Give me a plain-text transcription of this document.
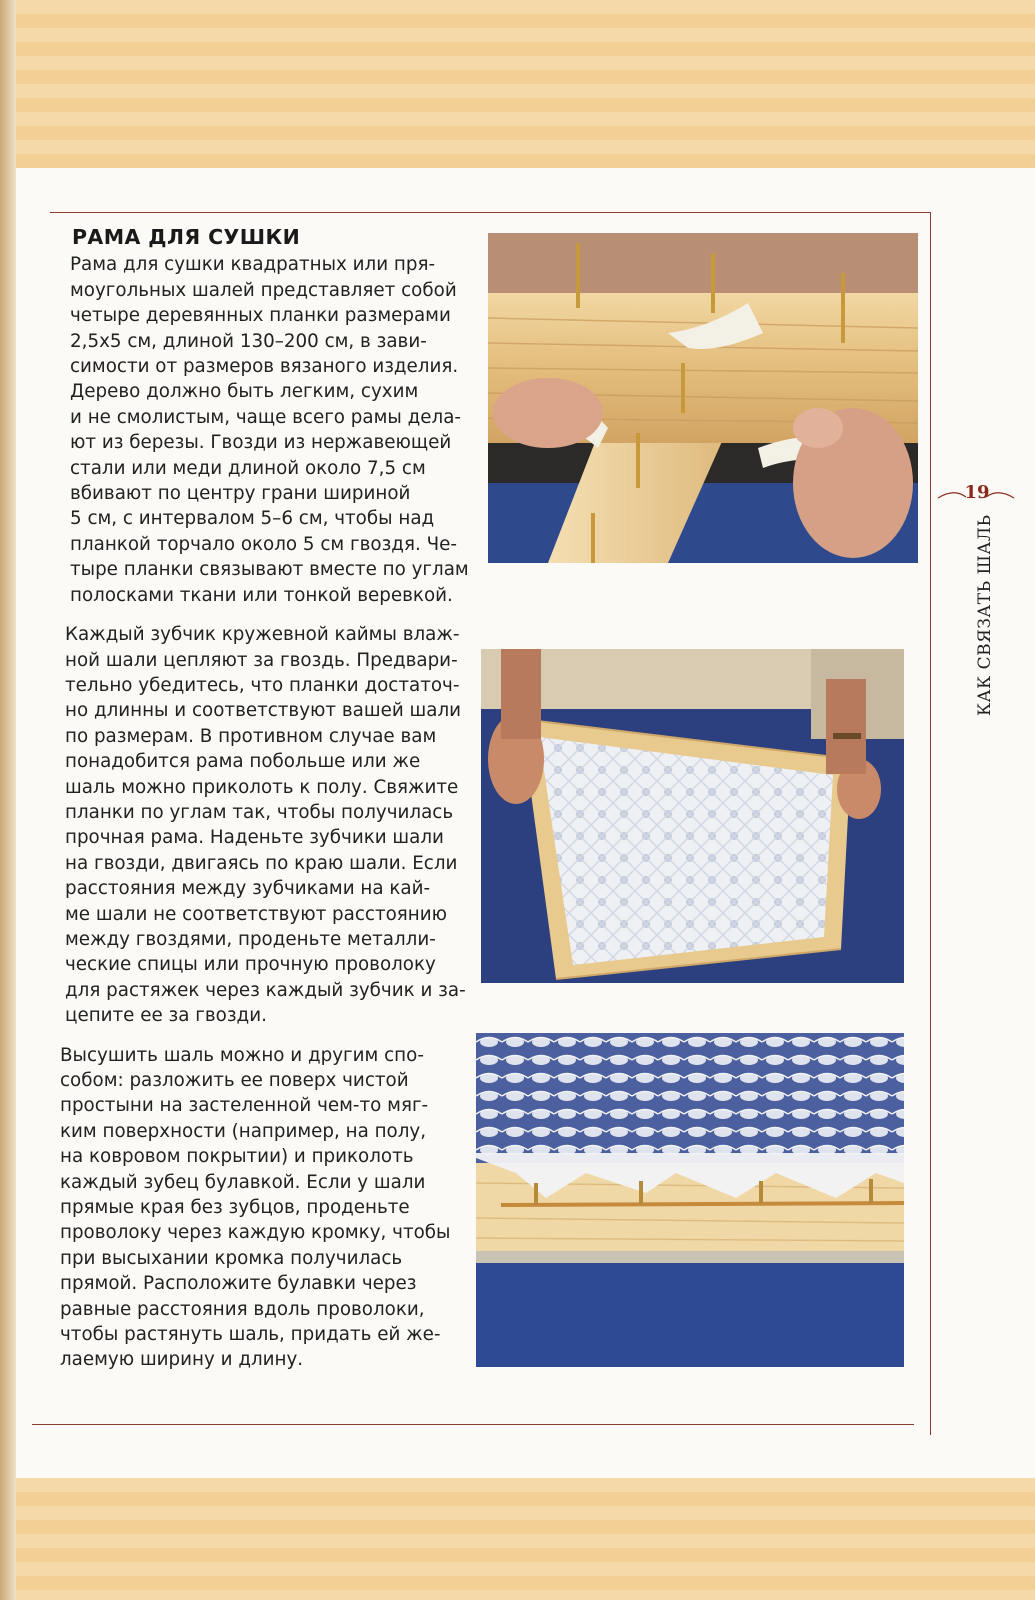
РАМА ДЛЯ СУШКИ
Рама для сушки квадратных или пря-
моугольных шалей представляет собой
четыре деревянных планки размерами
2,5х5 см, длиной 130–200 см, в зави-
симости от размеров вязаного изделия.
Дерево должно быть легким, сухим
и не смолистым, чаще всего рамы дела-
ют из березы. Гвозди из нержавеющей
стали или меди длиной около 7,5 см
вбивают по центру грани шириной
5 см, с интервалом 5–6 см, чтобы над
планкой торчало около 5 см гвоздя. Че-
тыре планки связывают вместе по углам
полосками ткани или тонкой веревкой.
Каждый зубчик кружевной каймы влаж-
ной шали цепляют за гвоздь. Предвари-
тельно убедитесь, что планки достаточ-
но длинны и соответствуют вашей шали
по размерам. В противном случае вам
понадобится рама побольше или же
шаль можно приколоть к полу. Свяжите
планки по углам так, чтобы получилась
прочная рама. Наденьте зубчики шали
на гвозди, двигаясь по краю шали. Если
расстояния между зубчиками на кай-
ме шали не соответствуют расстоянию
между гвоздями, проденьте металли-
ческие спицы или прочную проволоку
для растяжек через каждый зубчик и за-
цепите ее за гвозди.
Высушить шаль можно и другим спо-
собом: разложить ее поверх чистой
простыни на застеленной чем-то мяг-
ким поверхности (например, на полу,
на ковровом покрытии) и приколоть
каждый зубец булавкой. Если у шали
прямые края без зубцов, проденьте
проволоку через каждую кромку, чтобы
при высыхании кромка получилась
прямой. Расположите булавки через
равные расстояния вдоль проволоки,
чтобы растянуть шаль, придать ей же-
лаемую ширину и длину.
19
КАК СВЯЗАТЬ ШАЛЬ
